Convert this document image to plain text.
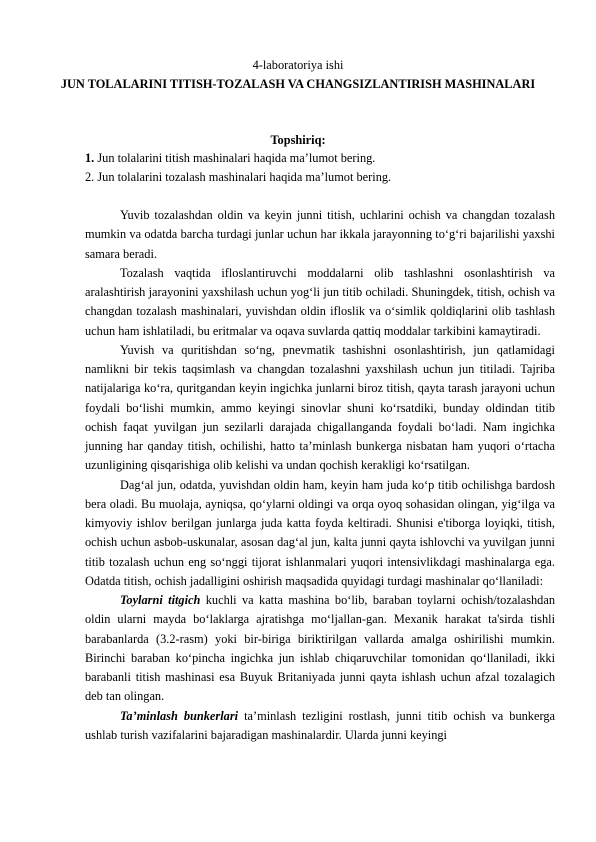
4-laboratoriya ishi
JUN TOLALARINI TITISH-TOZALASH VA CHANGSIZLANTIRISH MASHINALARI
Topshiriq:
1. Jun tolalarini titish mashinalari haqida ma’lumot bering.
2. Jun tolalarini tozalash mashinalari haqida ma’lumot bering.

Yuvib tozalashdan oldin va keyin junni titish, uchlarini ochish va changdan tozalash mumkin va odatda barcha turdagi junlar uchun har ikkala jarayonning to‘g‘ri bajarilishi yaxshi samara beradi.

Tozalash vaqtida ifloslantiruvchi moddalarni olib tashlashni osonlashtirish va aralashtirish jarayonini yaxshilash uchun yog‘li jun titib ochiladi. Shuningdek, titish, ochish va changdan tozalash mashinalari, yuvishdan oldin ifloslik va o‘simlik qoldiqlarini olib tashlash uchun ham ishlatiladi, bu eritmalar va oqava suvlarda qattiq moddalar tarkibini kamaytiradi.

Yuvish va quritishdan so‘ng, pnevmatik tashishni osonlashtirish, jun qatlamidagi namlikni bir tekis taqsimlash va changdan tozalashni yaxshilash uchun jun titiladi. Tajriba natijalariga ko‘ra, quritgandan keyin ingichka junlarni biroz titish, qayta tarash jarayoni uchun foydali bo‘lishi mumkin, ammo keyingi sinovlar shuni ko‘rsatdiki, bunday oldindan titib ochish faqat yuvilgan jun sezilarli darajada chigallanganda foydali bo‘ladi. Nam ingichka junning har qanday titish, ochilishi, hatto ta’minlash bunkerga nisbatan ham yuqori o‘rtacha uzunligining qisqarishiga olib kelishi va undan qochish kerakligi ko‘rsatilgan.

Dag‘al jun, odatda, yuvishdan oldin ham, keyin ham juda ko‘p titib ochilishga bardosh bera oladi. Bu muolaja, ayniqsa, qo‘ylarni oldingi va orqa oyoq sohasidan olingan, yig‘ilga va kimyoviy ishlov berilgan junlarga juda katta foyda keltiradi. Shunisi e'tiborga loyiqki, titish, ochish uchun asbob-uskunalar, asosan dag‘al jun, kalta junni qayta ishlovchi va yuvilgan junni titib tozalash uchun eng so‘nggi tijorat ishlanmalari yuqori intensivlikdagi mashinalarga ega. Odatda titish, ochish jadalligini oshirish maqsadida quyidagi turdagi mashinalar qo‘llaniladi:

Toylarni titgich kuchli va katta mashina bo‘lib, baraban toylarni ochish/tozalashdan oldin ularni mayda bo‘laklarga ajratishga mo‘ljallan-gan. Mexanik harakat ta'sirda tishli barabanlarda (3.2-rasm) yoki bir-biriga biriktirilgan vallarda amalga oshirilishi mumkin. Birinchi baraban ko‘pincha ingichka jun ishlab chiqaruvchilar tomonidan qo‘llaniladi, ikki barabanli titish mashinasi esa Buyuk Britaniyada junni qayta ishlash uchun afzal tozalagich deb tan olingan.

Ta’minlash bunkerlari ta’minlash tezligini rostlash, junni titib ochish va bunkerga ushlab turish vazifalarini bajaradigan mashinalardir. Ularda junni keyingi
